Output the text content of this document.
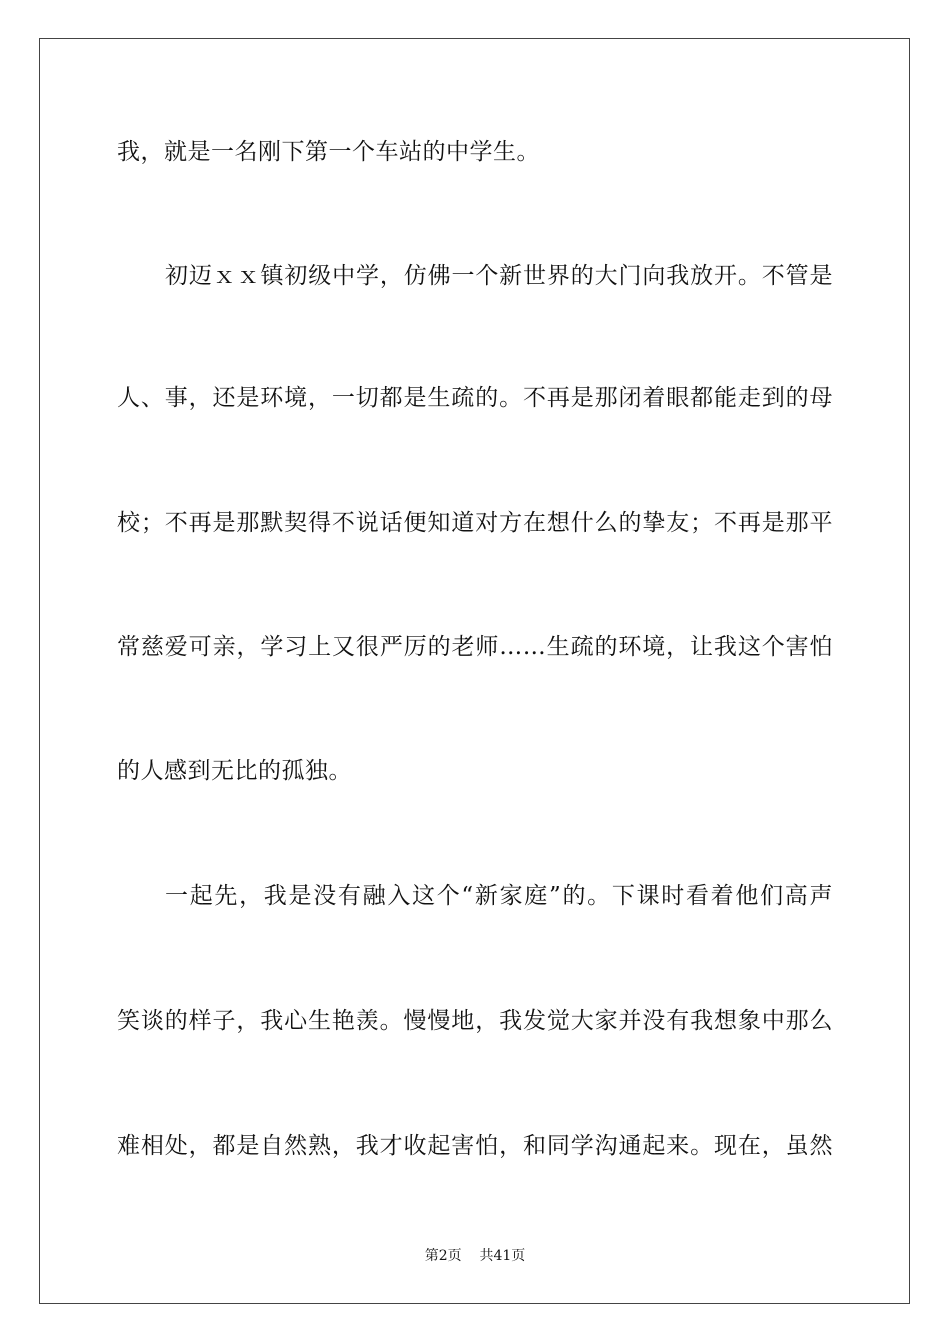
我，就是一名刚下第一个车站的中学生。
初迈ｘｘ镇初级中学，仿佛一个新世界的大门向我放开。不管是
人、事，还是环境，一切都是生疏的。不再是那闭着眼都能走到的母
校；不再是那默契得不说话便知道对方在想什么的挚友；不再是那平
常慈爱可亲，学习上又很严厉的老师……生疏的环境，让我这个害怕
的人感到无比的孤独。
一起先，我是没有融入这个“新家庭”的。下课时看着他们高声
笑谈的样子，我心生艳羡。慢慢地，我发觉大家并没有我想象中那么
难相处，都是自然熟，我才收起害怕，和同学沟通起来。现在，虽然
第2页 共41页
